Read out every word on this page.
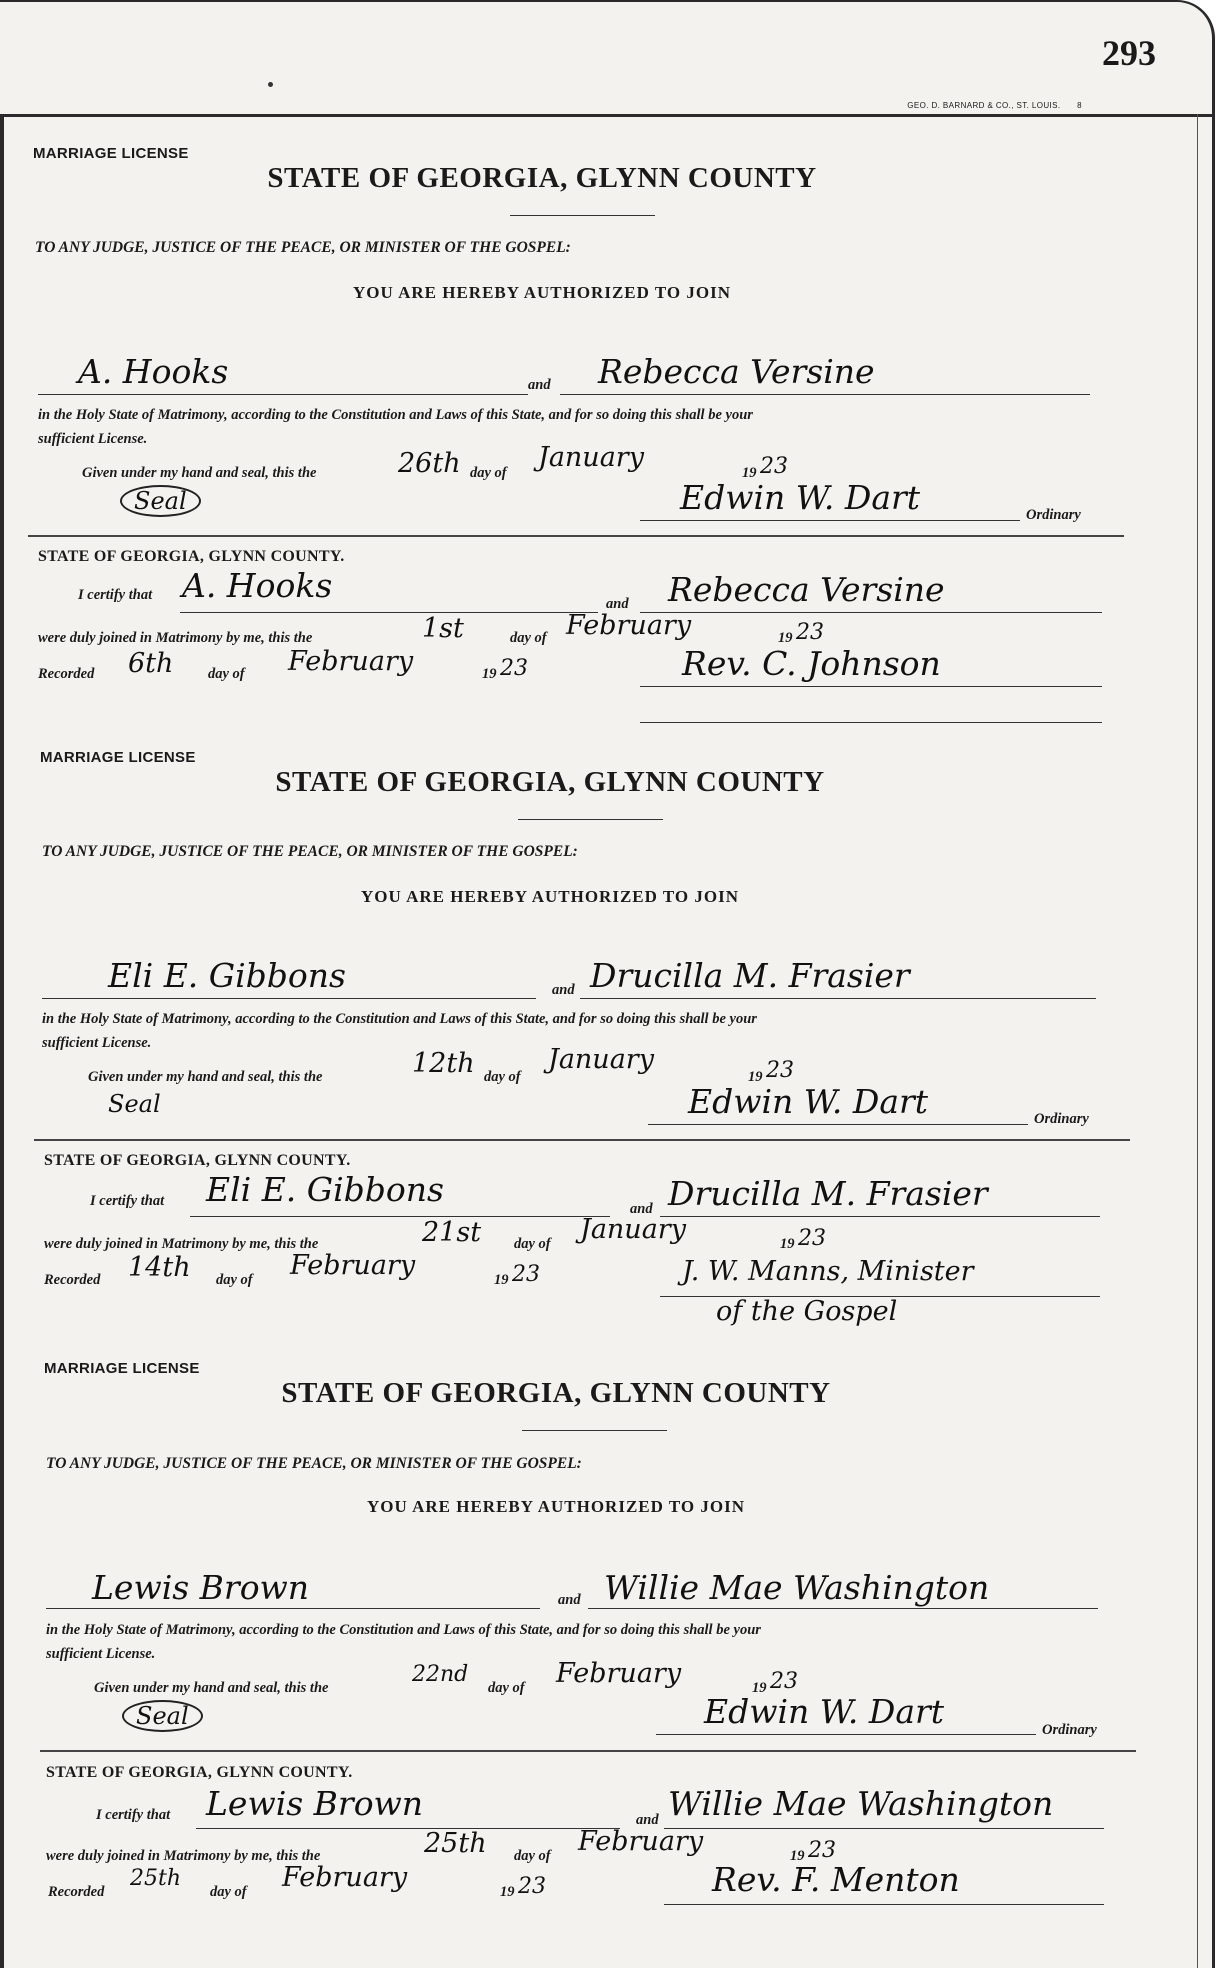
293
GEO. D. BARNARD & CO., ST. LOUIS. 8
MARRIAGE LICENSE
STATE OF GEORGIA, GLYNN COUNTY
TO ANY JUDGE, JUSTICE OF THE PEACE, OR MINISTER OF THE GOSPEL:
YOU ARE HEREBY AUTHORIZED TO JOIN
A. Hooks	and Rebecca Versine
in the Holy State of Matrimony, according to the Constitution and Laws of this State, and for so doing this shall be your
sufficient License.
Given under my hand and seal, this the	26th day of January	19 23
Seal	Edwin W. Dart	Ordinary
STATE OF GEORGIA, GLYNN COUNTY.
I certify that A. Hooks	and Rebecca Versine
were duly joined in Matrimony by me, this the	1st	day of February	19 23
Recorded 6th day of February	19 23	Rev. C. Johnson
MARRIAGE LICENSE
STATE OF GEORGIA, GLYNN COUNTY
TO ANY JUDGE, JUSTICE OF THE PEACE, OR MINISTER OF THE GOSPEL:
YOU ARE HEREBY AUTHORIZED TO JOIN
Eli E. Gibbons	and Drucilla M. Frasier
in the Holy State of Matrimony, according to the Constitution and Laws of this State, and for so doing this shall be your
sufficient License.
Given under my hand and seal, this the	12th day of
January
19 23
Seal	Edwin W. Dart	Ordinary
STATE OF GEORGIA, GLYNN COUNTY.
I certify that Eli E. Gibbons	and Drucilla M. Frasier
were duly joined in Matrimony by me, this the	21st day of January	19 23
Recorded 14th day of February	19 23	J. W. Manns, Minister
of the Gospel
MARRIAGE LICENSE
STATE OF GEORGIA, GLYNN COUNTY
TO ANY JUDGE, JUSTICE OF THE PEACE, OR MINISTER OF THE GOSPEL:
YOU ARE HEREBY AUTHORIZED TO JOIN
Lewis Brown	and Willie Mae Washington
in the Holy State of Matrimony, according to the Constitution and Laws of this State, and for so doing this shall be your
sufficient License.
Given under my hand and seal, this the
22nd
day of February	19 23
Seal	Edwin W. Dart	Ordinary
STATE OF GEORGIA, GLYNN COUNTY.
I certify that Lewis Brown	and Willie Mae Washington
were duly joined in Matrimony by me, this the	25th day of February	19 23
Recorded
25th
day of February	19 23	Rev. F. Menton
